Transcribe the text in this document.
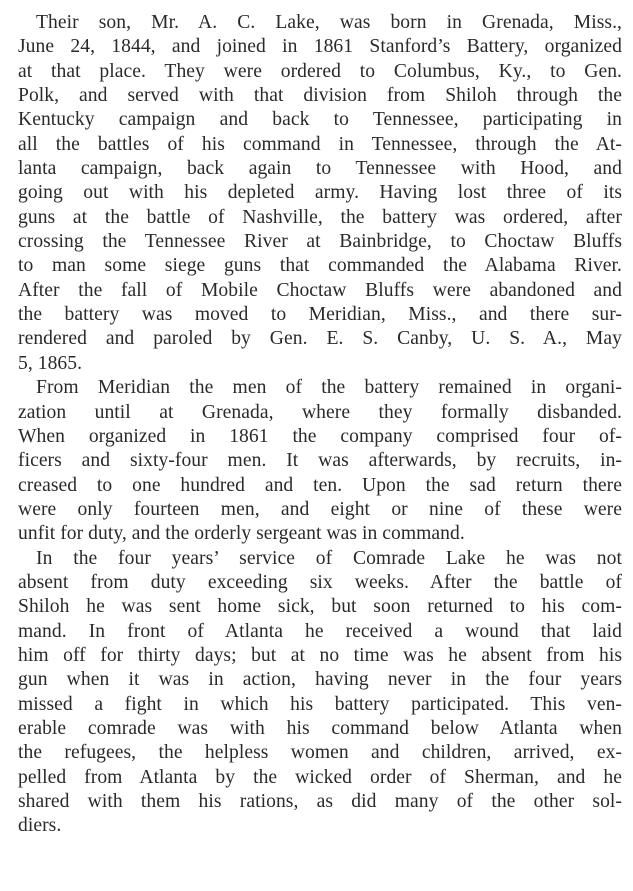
Their son, Mr. A. C. Lake, was born in Grenada, Miss.,
June 24, 1844, and joined in 1861 Stanford’s Battery, organized
at that place. They were ordered to Columbus, Ky., to Gen.
Polk, and served with that division from Shiloh through the
Kentucky campaign and back to Tennessee, participating in
all the battles of his command in Tennessee, through the At-
lanta campaign, back again to Tennessee with Hood, and
going out with his depleted army. Having lost three of its
guns at the battle of Nashville, the battery was ordered, after
crossing the Tennessee River at Bainbridge, to Choctaw Bluffs
to man some siege guns that commanded the Alabama River.
After the fall of Mobile Choctaw Bluffs were abandoned and
the battery was moved to Meridian, Miss., and there sur-
rendered and paroled by Gen. E. S. Canby, U. S. A., May
5, 1865.
From Meridian the men of the battery remained in organi-
zation until at Grenada, where they formally disbanded.
When organized in 1861 the company comprised four of-
ficers and sixty-four men. It was afterwards, by recruits, in-
creased to one hundred and ten. Upon the sad return there
were only fourteen men, and eight or nine of these were
unfit for duty, and the orderly sergeant was in command.
In the four years’ service of Comrade Lake he was not
absent from duty exceeding six weeks. After the battle of
Shiloh he was sent home sick, but soon returned to his com-
mand. In front of Atlanta he received a wound that laid
him off for thirty days; but at no time was he absent from his
gun when it was in action, having never in the four years
missed a fight in which his battery participated. This ven-
erable comrade was with his command below Atlanta when
the refugees, the helpless women and children, arrived, ex-
pelled from Atlanta by the wicked order of Sherman, and he
shared with them his rations, as did many of the other sol-
diers.
